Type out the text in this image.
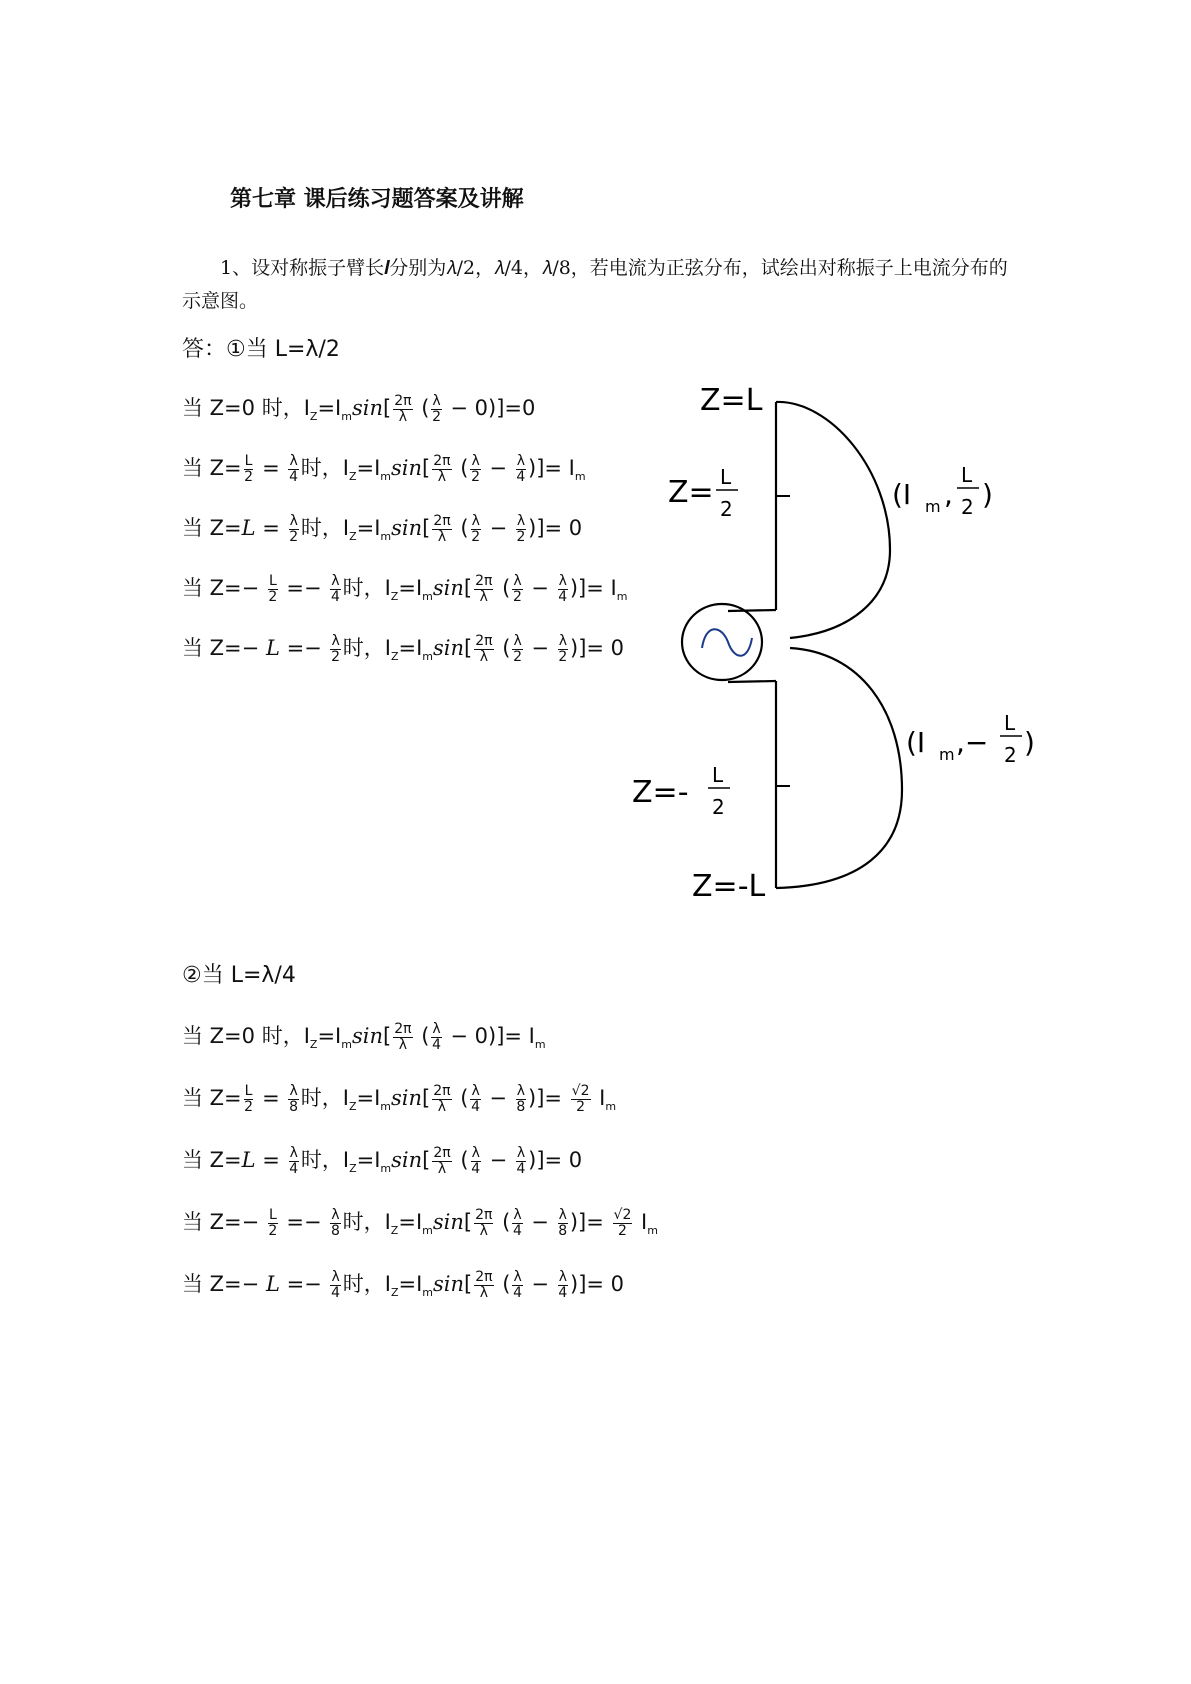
第七章 课后练习题答案及讲解
1、设对称振子臂长𝒍分别为𝜆/2，𝜆/4，𝜆/8，若电流为正弦分布，试绘出对称振子上电流分布的示意图。
答：①当 L=λ/2
当 Z=0 时，$I_Z=I_m\sin[ \frac{2\pi}{\lambda}$ ( $\frac{\lambda}{2} - 0)]=0$
当 $Z= \frac{L}{2} = \frac{\lambda}{4}$ 时，$I_Z=I_m\sin[ \frac{2\pi}{\lambda}$ ( $\frac{\lambda}{2} - \frac{\lambda}{4}$ )]= $I_m$
当 $Z=L = \frac{\lambda}{2}$ 时，$I_Z=I_m\sin[ \frac{2\pi}{\lambda}$ ( $\frac{\lambda}{2} - \frac{\lambda}{2}$ )]= 0
当 $Z=- \frac{L}{2} =- \frac{\lambda}{4}$ 时，$I_Z=I_m\sin[ \frac{2\pi}{\lambda}$ ( $\frac{\lambda}{2} - \frac{\lambda}{4}$ )]= $I_m$
当 $Z=- L =- \frac{\lambda}{2}$ 时，$I_Z=I_m\sin[ \frac{2\pi}{\lambda}$ ( $\frac{\lambda}{2} - \frac{\lambda}{2}$ )]= 0
Z=L
Z= L
2
Z=- L
2
Z=-L
(I m ,
L
2 )
(I m ,−
L
2 )
②当 L=λ/4
当 Z=0 时，$I_Z=I_m\sin[ \frac{2\pi}{\lambda}$ ( $\frac{\lambda}{4} - 0)]= I_m$
当 $Z= \frac{L}{2} = \frac{\lambda}{8}$ 时，$I_Z=I_m\sin[ \frac{2\pi}{\lambda}$ ( $\frac{\lambda}{4} - \frac{\lambda}{8}$ )]= $\frac{√2}{2} I_m$
当 $Z=L = \frac{\lambda}{4}$ 时，$I_Z=I_m\sin[ \frac{2\pi}{\lambda}$ ( $\frac{\lambda}{4} - \frac{\lambda}{4}$ )]= 0
当 $Z=- \frac{L}{2} =- \frac{\lambda}{8}$ 时，$I_Z=I_m\sin[ \frac{2\pi}{\lambda}$ ( $\frac{\lambda}{4} - \frac{\lambda}{8}$ )]= $\frac{√2}{2} I_m$
当 $Z=- L =- \frac{\lambda}{4}$ 时，$I_Z=I_m\sin[ \frac{2\pi}{\lambda}$ ( $\frac{\lambda}{4} - \frac{\lambda}{4}$ )]= 0
